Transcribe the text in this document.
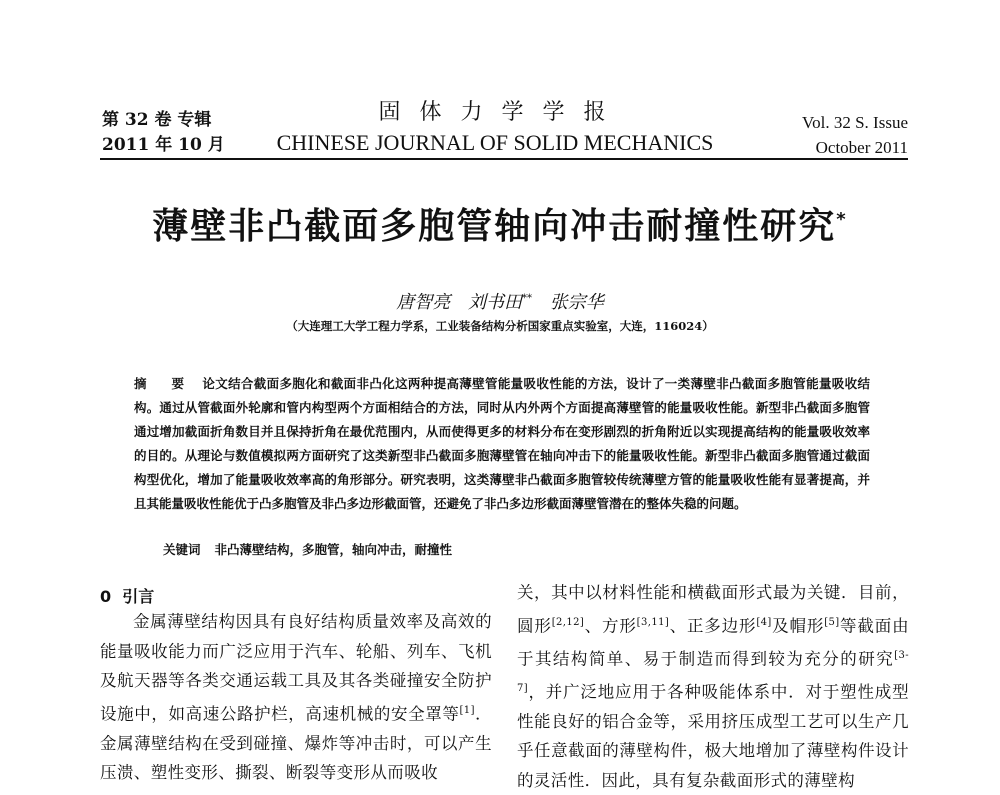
第 32 卷 专辑
2011 年 10 月
固 体 力 学 学 报
CHINESE JOURNAL OF SOLID MECHANICS
Vol. 32 S. Issue
October 2011
薄壁非凸截面多胞管轴向冲击耐撞性研究*
唐智亮 刘书田** 张宗华
（大连理工大学工程力学系，工业装备结构分析国家重点实验室，大连，116024）
摘 要 论文结合截面多胞化和截面非凸化这两种提高薄壁管能量吸收性能的方法，设计了一类薄壁非凸截面多胞管能量吸收结构。通过从管截面外轮廓和管内构型两个方面相结合的方法，同时从内外两个方面提高薄壁管的能量吸收性能。新型非凸截面多胞管通过增加截面折角数目并且保持折角在最优范围内，从而使得更多的材料分布在变形剧烈的折角附近以实现提高结构的能量吸收效率的目的。从理论与数值模拟两方面研究了这类新型非凸截面多胞薄壁管在轴向冲击下的能量吸收性能。新型非凸截面多胞管通过截面构型优化，增加了能量吸收效率高的角形部分。研究表明，这类薄壁非凸截面多胞管较传统薄壁方管的能量吸收性能有显著提高，并且其能量吸收性能优于凸多胞管及非凸多边形截面管，还避免了非凸多边形截面薄壁管潜在的整体失稳的问题。
关键词 非凸薄壁结构，多胞管，轴向冲击，耐撞性
0 引言
金属薄壁结构因具有良好结构质量效率及高效的能量吸收能力而广泛应用于汽车、轮船、列车、飞机及航天器等各类交通运载工具及其各类碰撞安全防护设施中，如高速公路护栏，高速机械的安全罩等[1]．金属薄壁结构在受到碰撞、爆炸等冲击时，可以产生压溃、塑性变形、撕裂、断裂等变形从而吸收
关，其中以材料性能和横截面形式最为关键．目前，圆形[2,12]、方形[3,11]、正多边形[4]及帽形[5]等截面由于其结构简单、易于制造而得到较为充分的研究[3-7]，并广泛地应用于各种吸能体系中．对于塑性成型性能良好的铝合金等，采用挤压成型工艺可以生产几乎任意截面的薄壁构件，极大地增加了薄壁构件设计的灵活性．因此，具有复杂截面形式的薄壁构
